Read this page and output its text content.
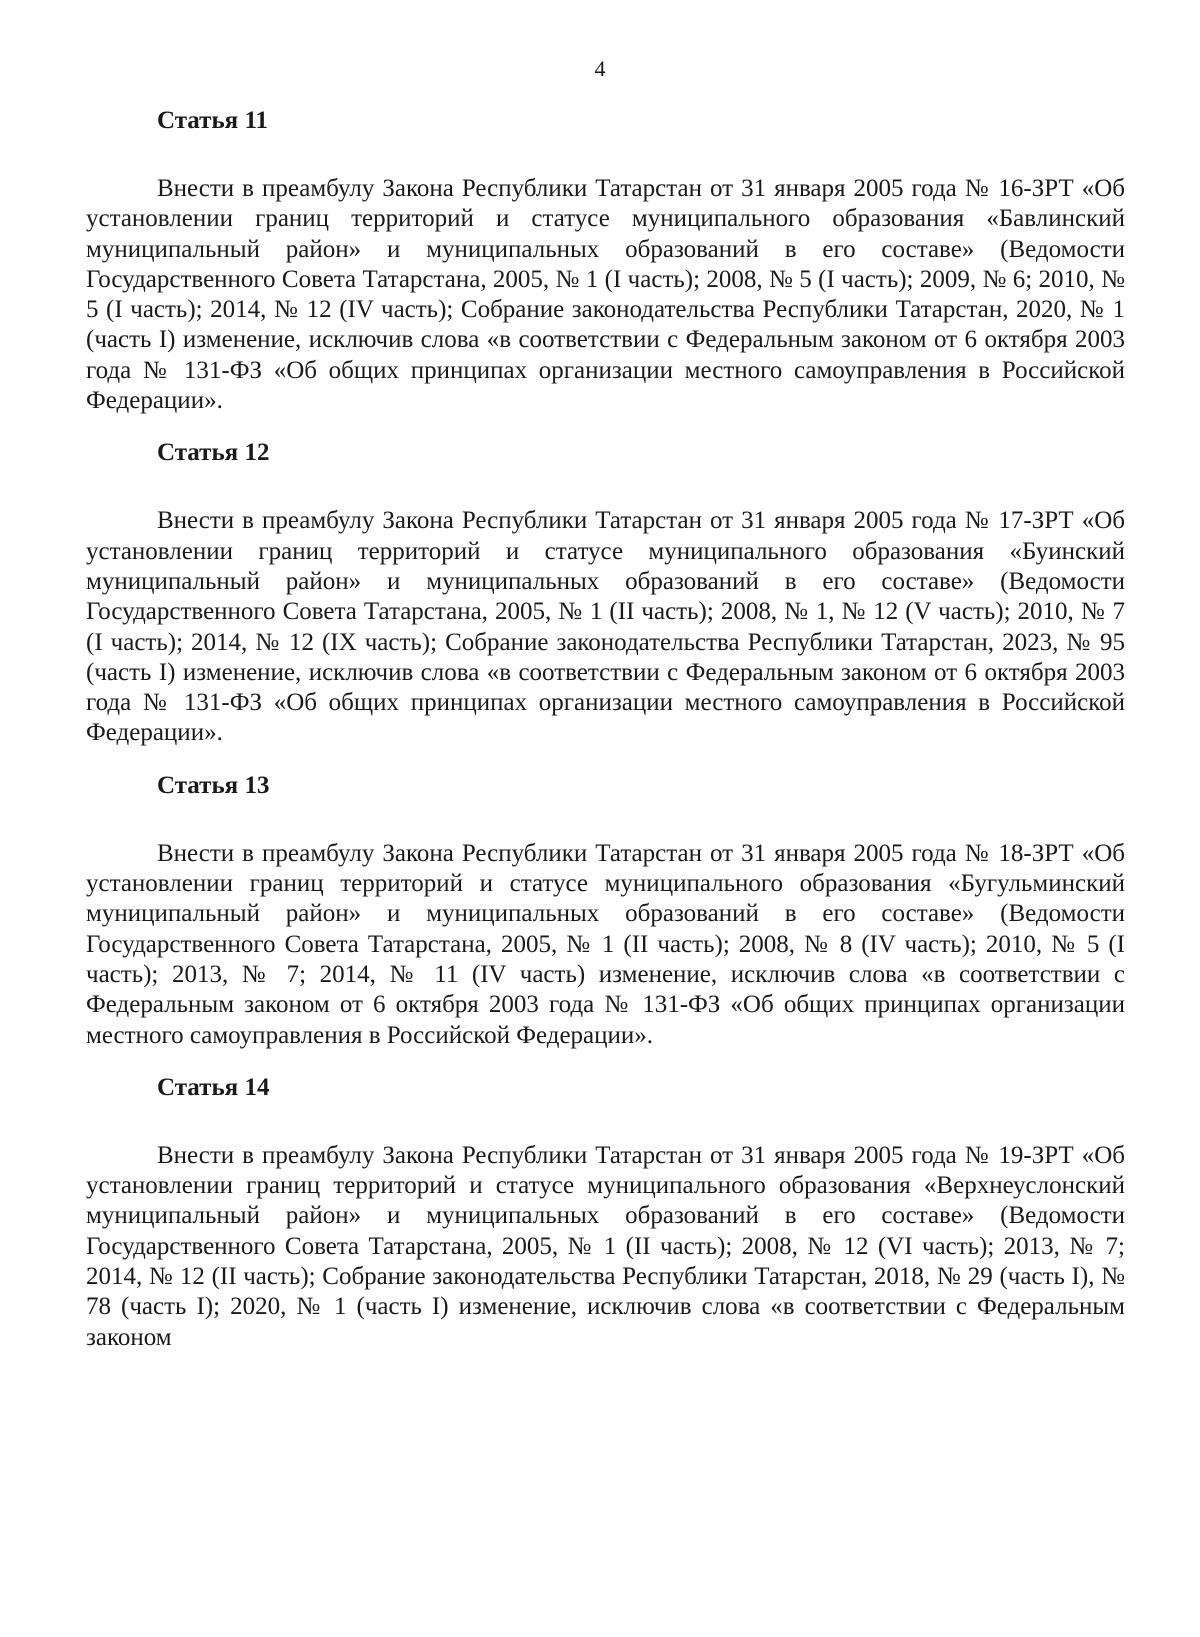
4

Статья 11

Внести в преамбулу Закона Республики Татарстан от 31 января 2005 года № 16-ЗРТ «Об установлении границ территорий и статусе муниципального образования «Бавлинский муниципальный район» и муниципальных образований в его составе» (Ведомости Государственного Совета Татарстана, 2005, № 1 (I часть); 2008, № 5 (I часть); 2009, № 6; 2010, № 5 (I часть); 2014, № 12 (IV часть); Собрание законодательства Республики Татарстан, 2020, № 1 (часть I) изменение, исключив слова «в соответствии с Федеральным законом от 6 октября 2003 года № 131-ФЗ «Об общих принципах организации местного самоуправления в Российской Федерации».

Статья 12

Внести в преамбулу Закона Республики Татарстан от 31 января 2005 года № 17-ЗРТ «Об установлении границ территорий и статусе муниципального образования «Буинский муниципальный район» и муниципальных образований в его составе» (Ведомости Государственного Совета Татарстана, 2005, № 1 (II часть); 2008, № 1, № 12 (V часть); 2010, № 7 (I часть); 2014, № 12 (IX часть); Собрание законодательства Республики Татарстан, 2023, № 95 (часть I) изменение, исключив слова «в соответствии с Федеральным законом от 6 октября 2003 года № 131-ФЗ «Об общих принципах организации местного самоуправления в Российской Федерации».

Статья 13

Внести в преамбулу Закона Республики Татарстан от 31 января 2005 года № 18-ЗРТ «Об установлении границ территорий и статусе муниципального образования «Бугульминский муниципальный район» и муниципальных образований в его составе» (Ведомости Государственного Совета Татарстана, 2005, № 1 (II часть); 2008, № 8 (IV часть); 2010, № 5 (I часть); 2013, № 7; 2014, № 11 (IV часть) изменение, исключив слова «в соответствии с Федеральным законом от 6 октября 2003 года № 131-ФЗ «Об общих принципах организации местного самоуправления в Российской Федерации».

Статья 14

Внести в преамбулу Закона Республики Татарстан от 31 января 2005 года № 19-ЗРТ «Об установлении границ территорий и статусе муниципального образования «Верхнеуслонский муниципальный район» и муниципальных образований в его составе» (Ведомости Государственного Совета Татарстана, 2005, № 1 (II часть); 2008, № 12 (VI часть); 2013, № 7; 2014, № 12 (II часть); Собрание законодательства Республики Татарстан, 2018, № 29 (часть I), № 78 (часть I); 2020, № 1 (часть I) изменение, исключив слова «в соответствии с Федеральным законом
